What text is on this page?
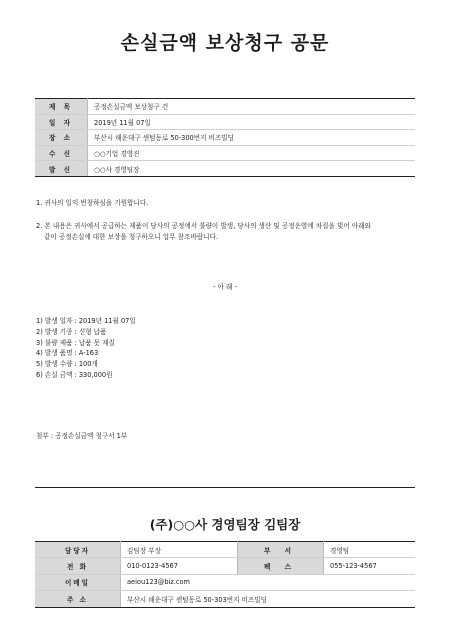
손실금액 보상청구 공문
제 목	공정손실금액 보상청구 건
일 자	2019년 11월 07일
장 소	부산시 해운대구 센텀동로 50-300번지 비즈빌딩
수 신	○○기업 경영진
발 신	○○사 경영팀장
1. 귀사의 일익 번창하심을 기원합니다.
2. 본 내용은 귀사에서 공급하는 제품이 당사의 공정에서 불량이 발생, 당사의 생산 및 공정운영에 차질을 빚어 아래와
같이 공정손실에 대한 보상을 청구하오니 업무 참조바랍니다.
- 아 래 -
1) 발생 일자 : 2019년 11월 07일
2) 발생 기종 : 신형 납품
3) 불량 제품 : 납품 못 재질
4) 발생 품명 : A-163
5) 발생 수량 : 100개
6) 손실 금액 : 330,000원
첨부 : 공정손실금액 청구서 1부
(주)○○사 경영팀장 김팀장
담당자	김팀장 부장	부 서	경영팀
전 화	010-0123-4567	팩 스	055-123-4567
이메일	aeiou123@biz.com		
주 소	부산시 해운대구 센텀동로 50-303번지 비즈빌딩		
